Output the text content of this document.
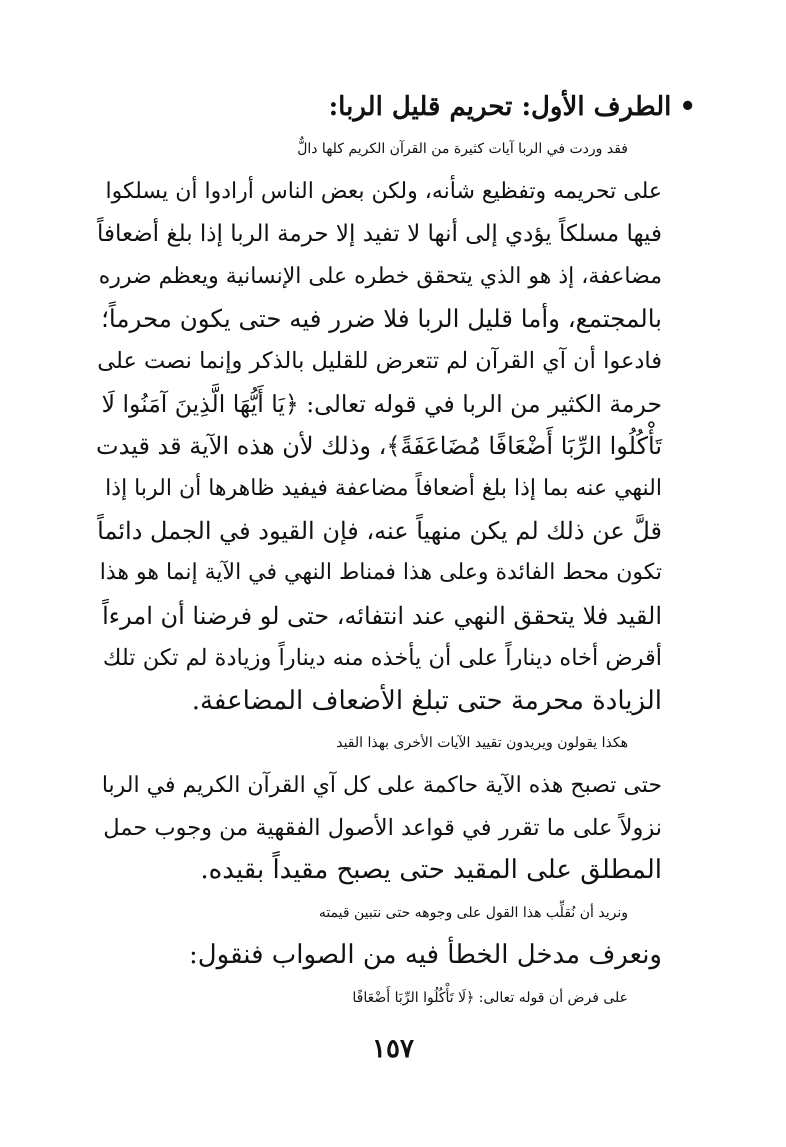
•الطرف الأول: تحريم قليل الربا:

فقد وردت في الربا آيات كثيرة من القرآن الكريم كلها دالٌّ
على تحريمه وتفظيع شأنه، ولكن بعض الناس أرادوا أن يسلكوا
فيها مسلكاً يؤدي إلى أنها لا تفيد إلا حرمة الربا إذا بلغ أضعافاً
مضاعفة، إذ هو الذي يتحقق خطره على الإنسانية ويعظم ضرره
بالمجتمع، وأما قليل الربا فلا ضرر فيه حتى يكون محرماً؛
فادعوا أن آي القرآن لم تتعرض للقليل بالذكر وإنما نصت على
حرمة الكثير من الربا في قوله تعالى: ﴿يَا أَيُّهَا الَّذِينَ آمَنُوا لَا
تَأْكُلُوا الرِّبَا أَضْعَافًا مُضَاعَفَةً﴾، وذلك لأن هذه الآية قد قيدت
النهي عنه بما إذا بلغ أضعافاً مضاعفة فيفيد ظاهرها أن الربا إذا
قلَّ عن ذلك لم يكن منهياً عنه، فإن القيود في الجمل دائماً
تكون محط الفائدة وعلى هذا فمناط النهي في الآية إنما هو هذا
القيد فلا يتحقق النهي عند انتفائه، حتى لو فرضنا أن امرءاً
أقرض أخاه ديناراً على أن يأخذه منه ديناراً وزيادة لم تكن تلك
الزيادة محرمة حتى تبلغ الأضعاف المضاعفة.

هكذا يقولون ويريدون تقييد الآيات الأخرى بهذا القيد
حتى تصبح هذه الآية حاكمة على كل آي القرآن الكريم في الربا
نزولاً على ما تقرر في قواعد الأصول الفقهية من وجوب حمل
المطلق على المقيد حتى يصبح مقيداً بقيده.

ونريد أن نُقلِّب هذا القول على وجوهه حتى نتبين قيمته
ونعرف مدخل الخطأ فيه من الصواب فنقول:

على فرض أن قوله تعالى: ﴿لَا تَأْكُلُوا الرِّبَا أَضْعَافًا

١٥٧
